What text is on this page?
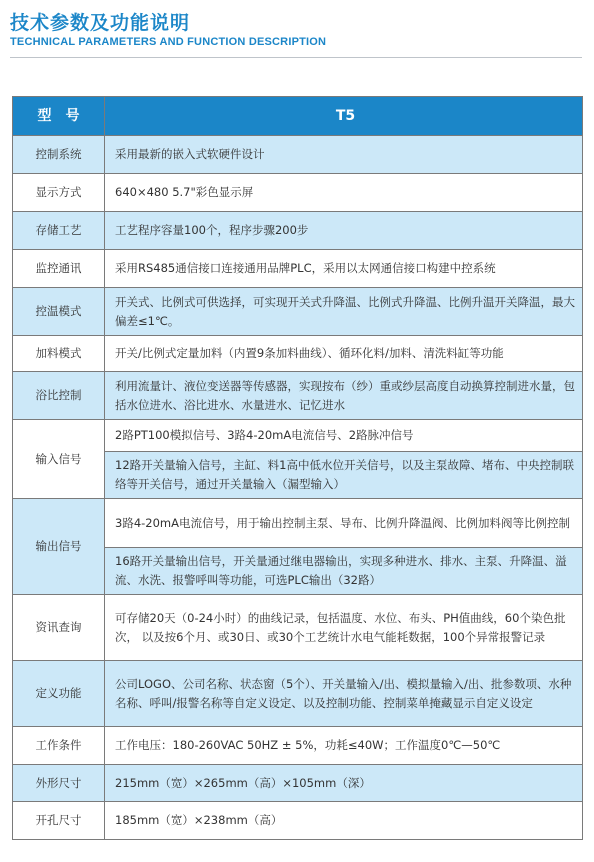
技术参数及功能说明
TECHNICAL PARAMETERS AND FUNCTION DESCRIPTION
型　号	T5
控制系统	采用最新的嵌入式软硬件设计
显示方式	640×480 5.7"彩色显示屏
存储工艺	工艺程序容量100个，程序步骤200步
监控通讯	采用RS485通信接口连接通用品牌PLC，采用以太网通信接口构建中控系统
控温模式	开关式、比例式可供选择，可实现开关式升降温、比例式升降温、比例升温开关降温，最大偏差≤1℃。
加料模式	开关/比例式定量加料（内置9条加料曲线）、循环化料/加料、清洗料缸等功能
浴比控制	利用流量计、液位变送器等传感器，实现按布（纱）重或纱层高度自动换算控制进水量，包括水位进水、浴比进水、水量进水、记忆进水
输入信号	2路PT100模拟信号、3路4-20mA电流信号、2路脉冲信号
	12路开关量输入信号，主缸、料1高中低水位开关信号，以及主泵故障、堵布、中央控制联络等开关信号，通过开关量输入（漏型输入）
输出信号	3路4-20mA电流信号，用于输出控制主泵、导布、比例升降温阀、比例加料阀等比例控制
	16路开关量输出信号，开关量通过继电器输出，实现多种进水、排水、主泵、升降温、溢流、水洗、报警呼叫等功能，可选PLC输出（32路）
资讯查询	可存储20天（0-24小时）的曲线记录，包括温度、水位、布头、PH值曲线，60个染色批次， 以及按6个月、或30日、或30个工艺统计水电气能耗数据，100个异常报警记录
定义功能	公司LOGO、公司名称、状态窗（5个）、开关量输入/出、模拟量输入/出、批参数项、水种名称、呼叫/报警名称等自定义设定、以及控制功能、控制菜单掩藏显示自定义设定
工作条件	工作电压：180-260VAC 50HZ ± 5%，功耗≤40W；工作温度0℃—50℃
外形尺寸	215mm（宽）×265mm（高）×105mm（深）
开孔尺寸	185mm（宽）×238mm（高）
